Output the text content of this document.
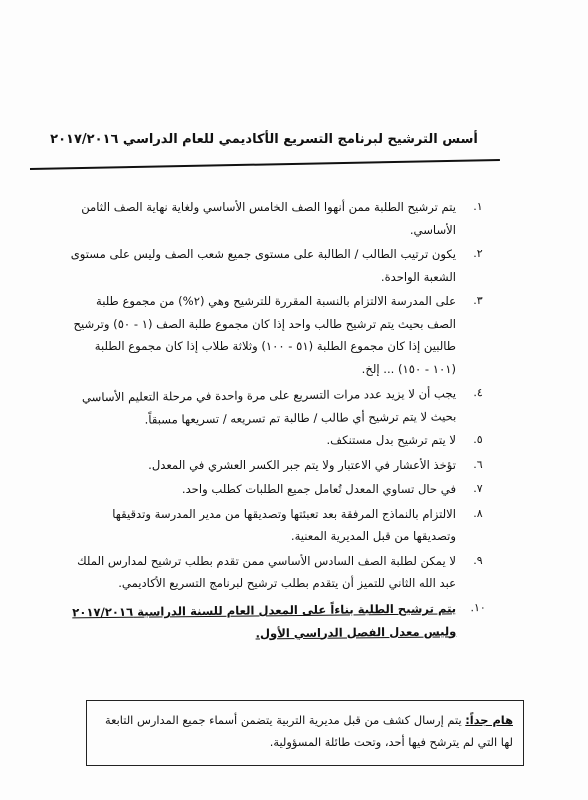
أسس الترشيح لبرنامج التسريع الأكاديمي للعام الدراسي ٢٠١٧/٢٠١٦
١.
يتم ترشيح الطلبة ممن أنهوا الصف الخامس الأساسي ولغاية نهاية الصف الثامن الأساسي.
٢.
يكون ترتيب الطالب / الطالبة على مستوى جميع شعب الصف وليس على مستوى الشعبة الواحدة.
٣.
على المدرسة الالتزام بالنسبة المقررة للترشيح وهي (٢%) من مجموع طلبة الصف بحيث يتم ترشيح طالب واحد إذا كان مجموع طلبة الصف (١ - ٥٠) وترشيح طالبين إذا كان مجموع الطلبة (٥١ - ١٠٠) وثلاثة طلاب إذا كان مجموع الطلبة (١٠١ - ١٥٠) ... إلخ.
٤.
يجب أن لا يزيد عدد مرات التسريع على مرة واحدة في مرحلة التعليم الأساسي بحيث لا يتم ترشيح أي طالب / طالبة تم تسريعه / تسريعها مسبقاً.
٥.
لا يتم ترشيح بدل مستنكف.
٦.
تؤخذ الأعشار في الاعتبار ولا يتم جبر الكسر العشري في المعدل.
٧.
في حال تساوي المعدل تُعامل جميع الطلبات كطلب واحد.
٨.
الالتزام بالنماذج المرفقة بعد تعبئتها وتصديقها من مدير المدرسة وتدقيقها وتصديقها من قبل المديرية المعنية.
٩.
لا يمكن لطلبة الصف السادس الأساسي ممن تقدم بطلب ترشيح لمدارس الملك عبد الله الثاني للتميز أن يتقدم بطلب ترشيح لبرنامج التسريع الأكاديمي.
١٠.
يتم ترشيح الطلبة بناءاً على المعدل العام للسنة الدراسية ٢٠١٧/٢٠١٦ وليس معدل الفصل الدراسي الأول.
هام جداً: يتم إرسال كشف من قبل مديرية التربية يتضمن أسماء جميع المدارس التابعة لها التي لم يترشح فيها أحد، وتحت طائلة المسؤولية.
